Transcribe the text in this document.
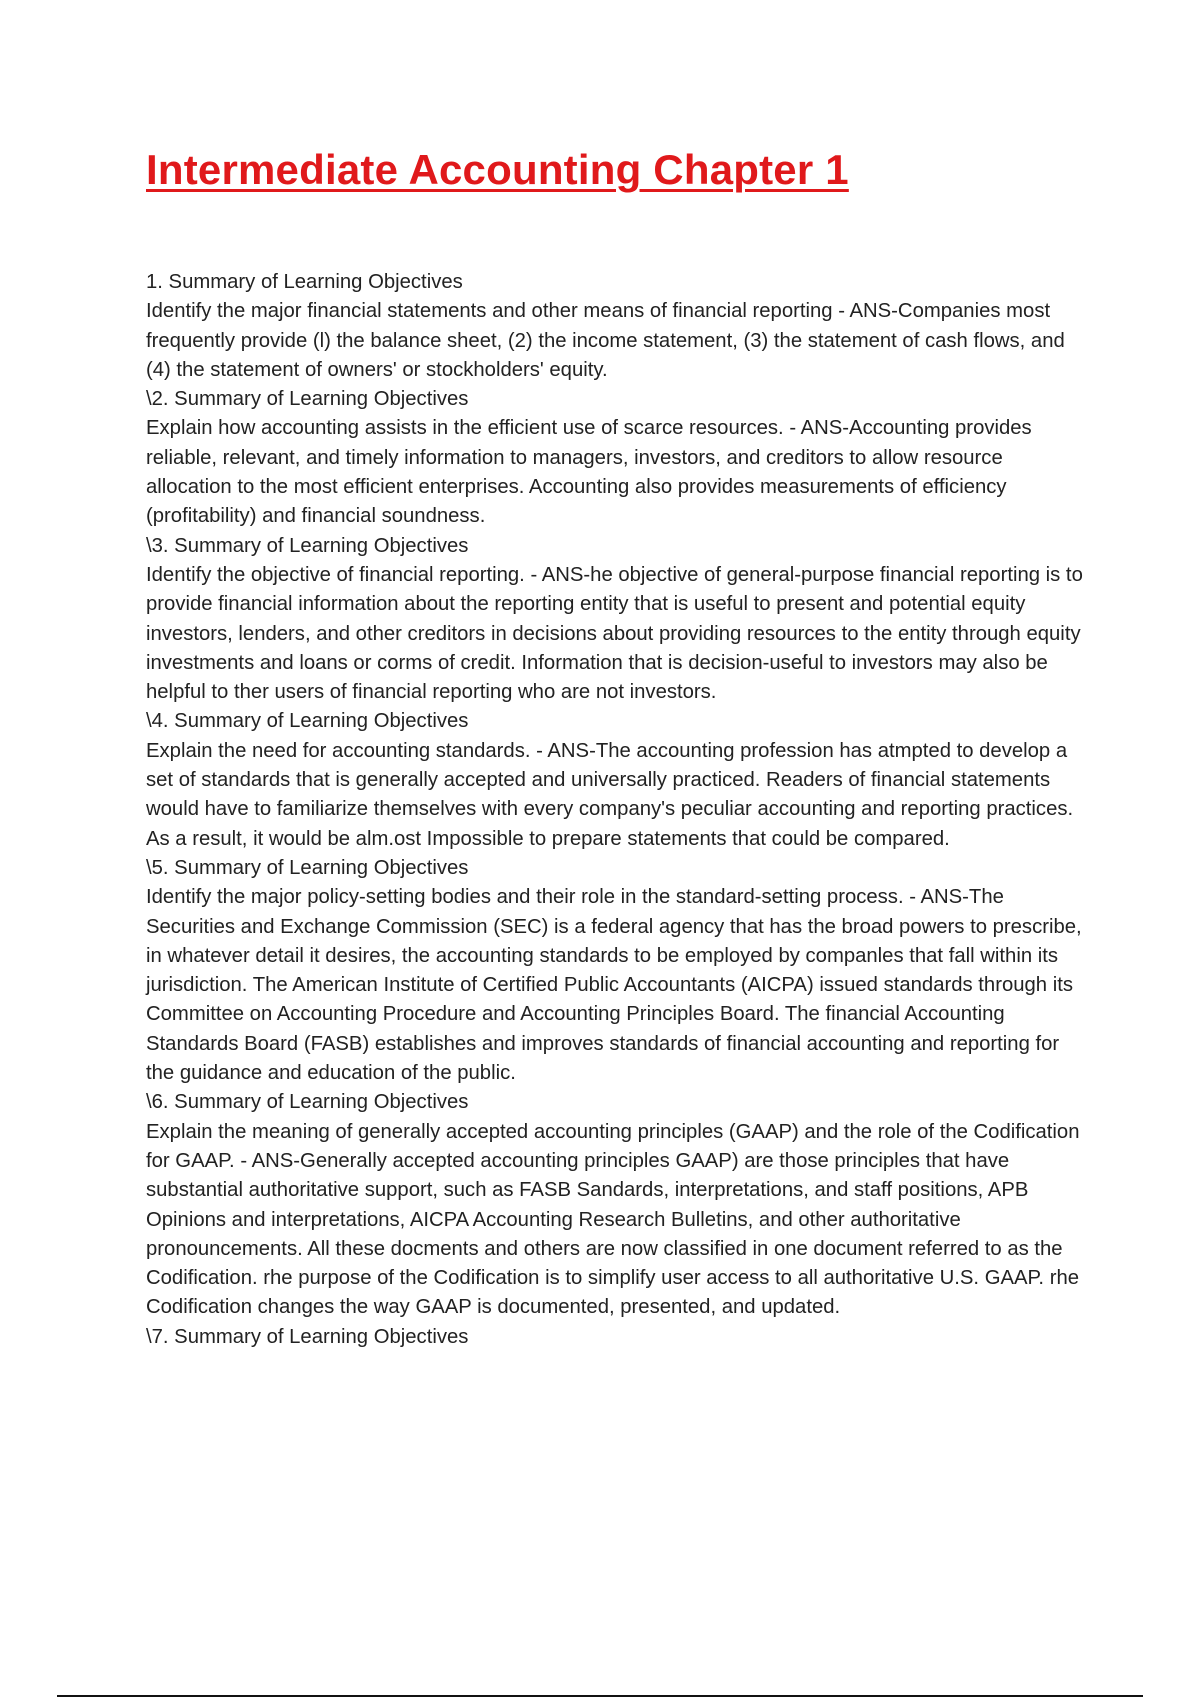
Intermediate Accounting Chapter 1

1. Summary of Learning Objectives

Identify the major financial statements and other means of financial reporting - ANS-Companies most frequently provide (l) the balance sheet, (2) the income statement, (3) the statement of cash flows, and (4) the statement of owners' or stockholders' equity.

\2. Summary of Learning Objectives

Explain how accounting assists in the efficient use of scarce resources. - ANS-Accounting provides reliable, relevant, and timely information to managers, investors, and creditors to allow resource allocation to the most efficient enterprises. Accounting also provides measurements of efficiency (profitability) and financial soundness.

\3. Summary of Learning Objectives

Identify the objective of financial reporting. - ANS-he objective of general-purpose financial reporting is to provide financial information about the reporting entity that is useful to present and potential equity investors, lenders, and other creditors in decisions about providing resources to the entity through equity investments and loans or corms of credit. Information that is decision-useful to investors may also be helpful to ther users of financial reporting who are not investors.

\4. Summary of Learning Objectives

Explain the need for accounting standards. - ANS-The accounting profession has atmpted to develop a set of standards that is generally accepted and universally practiced. Readers of financial statements would have to familiarize themselves with every company's peculiar accounting and reporting practices. As a result, it would be alm.ost Impossible to prepare statements that could be compared.

\5. Summary of Learning Objectives

Identify the major policy-setting bodies and their role in the standard-setting process. - ANS-The Securities and Exchange Commission (SEC) is a federal agency that has the broad powers to prescribe, in whatever detail it desires, the accounting standards to be employed by companles that fall within its jurisdiction. The American Institute of Certified Public Accountants (AICPA) issued standards through its Committee on Accounting Procedure and Accounting Principles Board. The financial Accounting Standards Board (FASB) establishes and improves standards of financial accounting and reporting for the guidance and education of the public.

\6. Summary of Learning Objectives

Explain the meaning of generally accepted accounting principles (GAAP) and the role of the Codification for GAAP. - ANS-Generally accepted accounting principles GAAP) are those principles that have substantial authoritative support, such as FASB Sandards, interpretations, and staff positions, APB Opinions and interpretations, AICPA Accounting Research Bulletins, and other authoritative pronouncements. All these docments and others are now classified in one document referred to as the Codification. rhe purpose of the Codification is to simplify user access to all authoritative U.S. GAAP. rhe Codification changes the way GAAP is documented, presented, and updated.

\7. Summary of Learning Objectives
